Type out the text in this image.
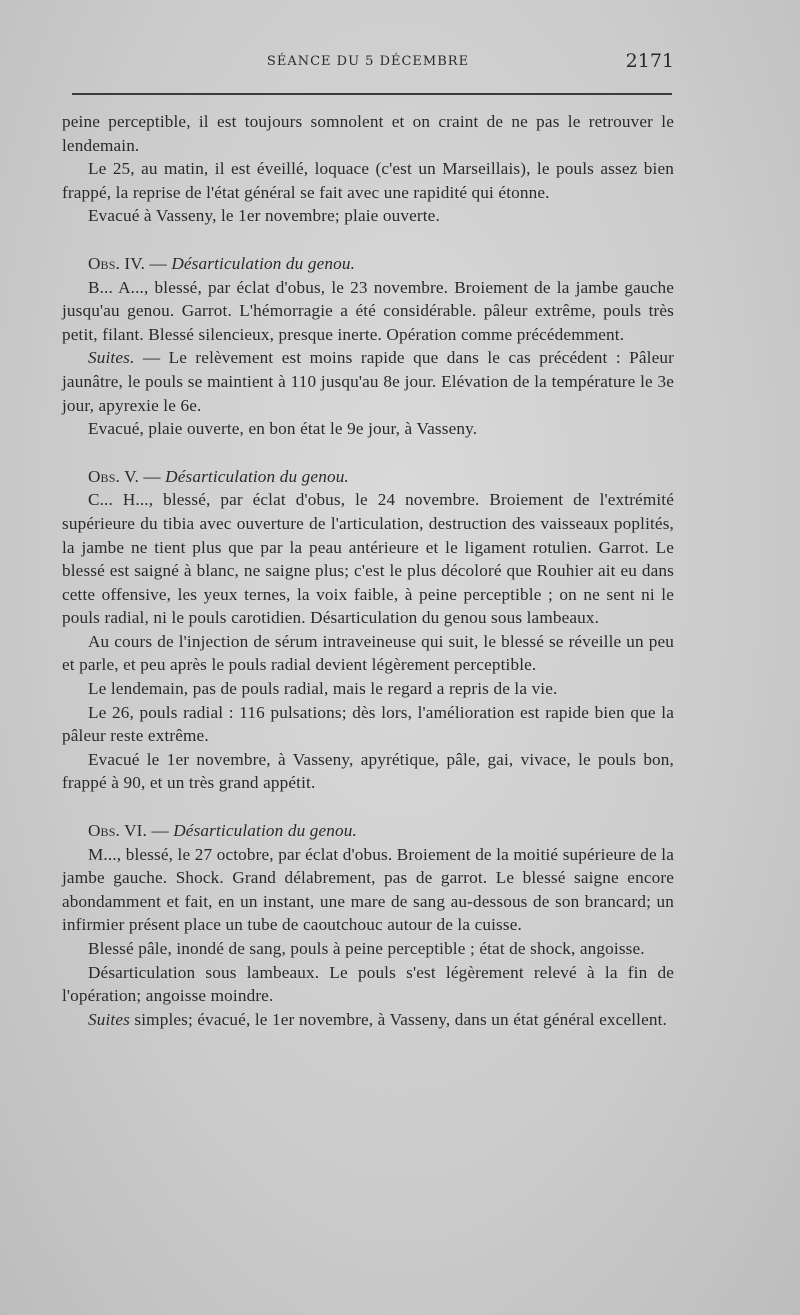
SÉANCE DU 5 DÉCEMBRE	2171

peine perceptible, il est toujours somnolent et on craint de ne pas le retrouver le lendemain.

Le 25, au matin, il est éveillé, loquace (c'est un Marseillais), le pouls assez bien frappé, la reprise de l'état général se fait avec une rapidité qui étonne.

Evacué à Vasseny, le 1er novembre; plaie ouverte.

Obs. IV. — Désarticulation du genou.

B... A..., blessé, par éclat d'obus, le 23 novembre. Broiement de la jambe gauche jusqu'au genou. Garrot. L'hémorragie a été considérable. pâleur extrême, pouls très petit, filant. Blessé silencieux, presque inerte. Opération comme précédemment.

Suites. — Le relèvement est moins rapide que dans le cas précédent : Pâleur jaunâtre, le pouls se maintient à 110 jusqu'au 8e jour. Elévation de la température le 3e jour, apyrexie le 6e.

Evacué, plaie ouverte, en bon état le 9e jour, à Vasseny.

Obs. V. — Désarticulation du genou.

C... H..., blessé, par éclat d'obus, le 24 novembre. Broiement de l'extrémité supérieure du tibia avec ouverture de l'articulation, destruction des vaisseaux poplités, la jambe ne tient plus que par la peau antérieure et le ligament rotulien. Garrot. Le blessé est saigné à blanc, ne saigne plus; c'est le plus décoloré que Rouhier ait eu dans cette offensive, les yeux ternes, la voix faible, à peine perceptible ; on ne sent ni le pouls radial, ni le pouls carotidien. Désarticulation du genou sous lambeaux.

Au cours de l'injection de sérum intraveineuse qui suit, le blessé se réveille un peu et parle, et peu après le pouls radial devient légèrement perceptible.

Le lendemain, pas de pouls radial, mais le regard a repris de la vie.

Le 26, pouls radial : 116 pulsations; dès lors, l'amélioration est rapide bien que la pâleur reste extrême.

Evacué le 1er novembre, à Vasseny, apyrétique, pâle, gai, vivace, le pouls bon, frappé à 90, et un très grand appétit.

Obs. VI. — Désarticulation du genou.

M..., blessé, le 27 octobre, par éclat d'obus. Broiement de la moitié supérieure de la jambe gauche. Shock. Grand délabrement, pas de garrot. Le blessé saigne encore abondamment et fait, en un instant, une mare de sang au-dessous de son brancard; un infirmier présent place un tube de caoutchouc autour de la cuisse.

Blessé pâle, inondé de sang, pouls à peine perceptible ; état de shock, angoisse.

Désarticulation sous lambeaux. Le pouls s'est légèrement relevé à la fin de l'opération; angoisse moindre.

Suites simples; évacué, le 1er novembre, à Vasseny, dans un état général excellent.
